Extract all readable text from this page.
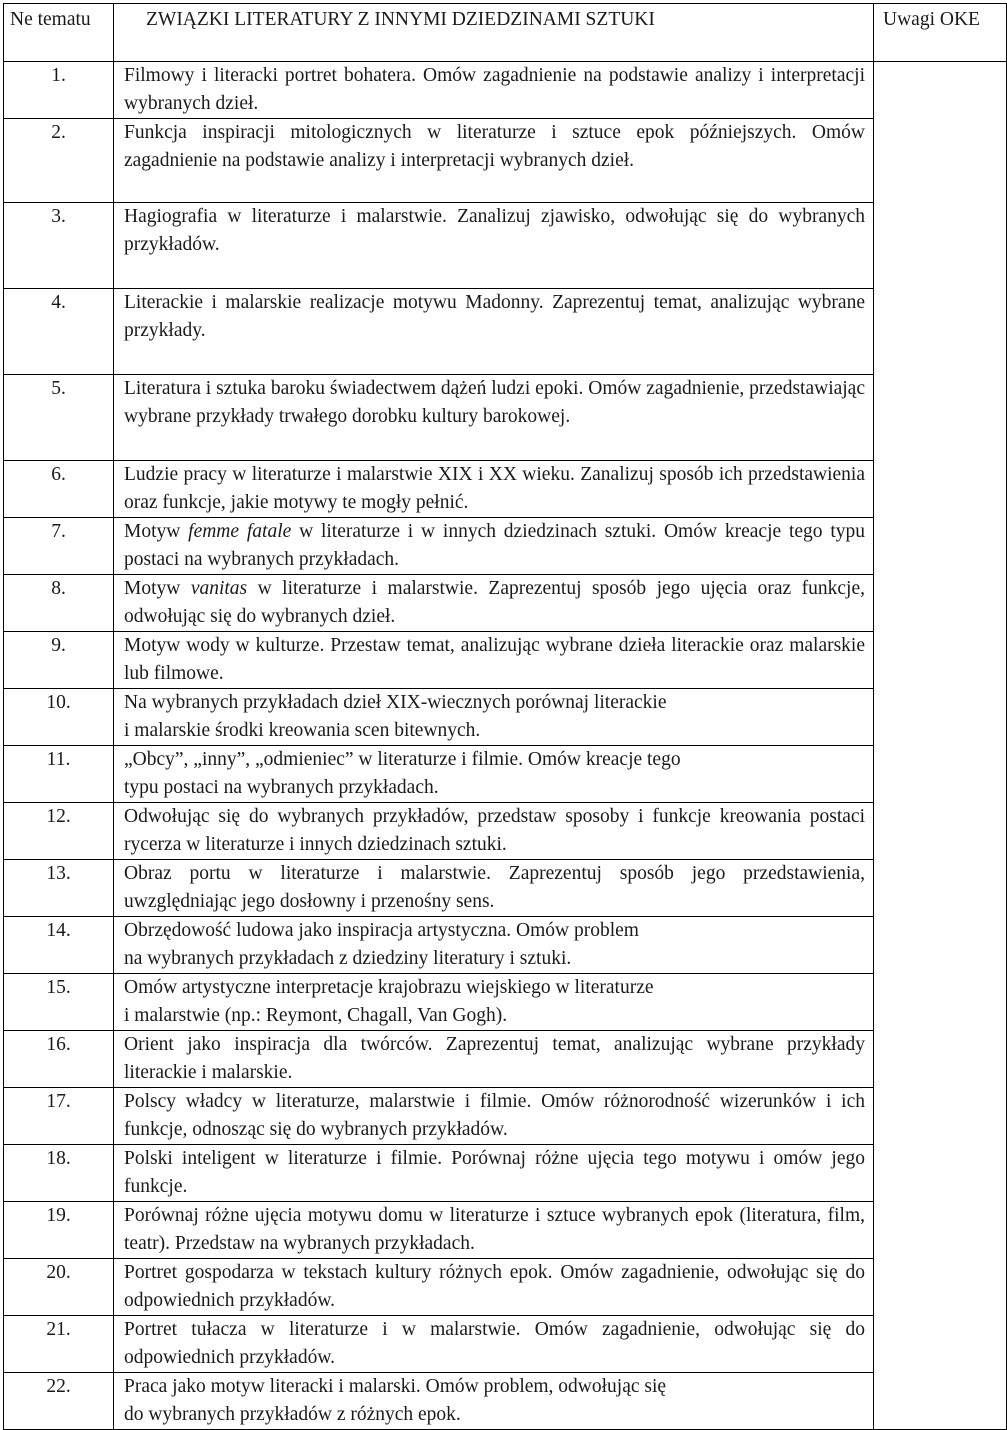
Ne tematu	ZWIĄZKI LITERATURY Z INNYMI DZIEDZINAMI SZTUKI	Uwagi OKE
1.	Filmowy i literacki portret bohatera. Omów zagadnienie na podstawie analizy i interpretacji wybranych dzieł.	
2.	Funkcja inspiracji mitologicznych w literaturze i sztuce epok późniejszych. Omów zagadnienie na podstawie analizy i interpretacji wybranych dzieł.	
3.	Hagiografia w literaturze i malarstwie. Zanalizuj zjawisko, odwołując się do wybranych przykładów.	
4.	Literackie i malarskie realizacje motywu Madonny. Zaprezentuj temat, analizując wybrane przykłady.	
5.	Literatura i sztuka baroku świadectwem dążeń ludzi epoki. Omów zagadnienie, przedstawiając wybrane przykłady trwałego dorobku kultury barokowej.	
6.	Ludzie pracy w literaturze i malarstwie XIX i XX wieku. Zanalizuj sposób ich przedstawienia oraz funkcje, jakie motywy te mogły pełnić.	
7.	Motyw femme fatale w literaturze i w innych dziedzinach sztuki. Omów kreacje tego typu postaci na wybranych przykładach.	
8.	Motyw vanitas w literaturze i malarstwie. Zaprezentuj sposób jego ujęcia oraz funkcje, odwołując się do wybranych dzieł.	
9.	Motyw wody w kulturze. Przestaw temat, analizując wybrane dzieła literackie oraz malarskie lub filmowe.	
10.	Na wybranych przykładach dzieł XIX-wiecznych porównaj literackie
i malarskie środki kreowania scen bitewnych.	

11.	„Obcy”, „inny”, „odmieniec” w literaturze i filmie. Omów kreacje tego
typu postaci na wybranych przykładach.	

12.	Odwołując się do wybranych przykładów, przedstaw sposoby i funkcje kreowania postaci rycerza w literaturze i innych dziedzinach sztuki.	
13.	Obraz portu w literaturze i malarstwie. Zaprezentuj sposób jego przedstawienia, uwzględniając jego dosłowny i przenośny sens.	
14.	Obrzędowość ludowa jako inspiracja artystyczna. Omów problem
na wybranych przykładach z dziedziny literatury i sztuki.	

15.	Omów artystyczne interpretacje krajobrazu wiejskiego w literaturze
i malarstwie (np.: Reymont, Chagall, Van Gogh).	

16.	Orient jako inspiracja dla twórców. Zaprezentuj temat, analizując wybrane przykłady literackie i malarskie.	
17.	Polscy władcy w literaturze, malarstwie i filmie. Omów różnorodność wizerunków i ich funkcje, odnosząc się do wybranych przykładów.	
18.	Polski inteligent w literaturze i filmie. Porównaj różne ujęcia tego motywu i omów jego funkcje.	
19.	Porównaj różne ujęcia motywu domu w literaturze i sztuce wybranych epok (literatura, film, teatr). Przedstaw na wybranych przykładach.	
20.	Portret gospodarza w tekstach kultury różnych epok. Omów zagadnienie, odwołując się do odpowiednich przykładów.	
21.	Portret tułacza w literaturze i w malarstwie. Omów zagadnienie, odwołując się do odpowiednich przykładów.	
22.	Praca jako motyw literacki i malarski. Omów problem, odwołując się
do wybranych przykładów z różnych epok.	
